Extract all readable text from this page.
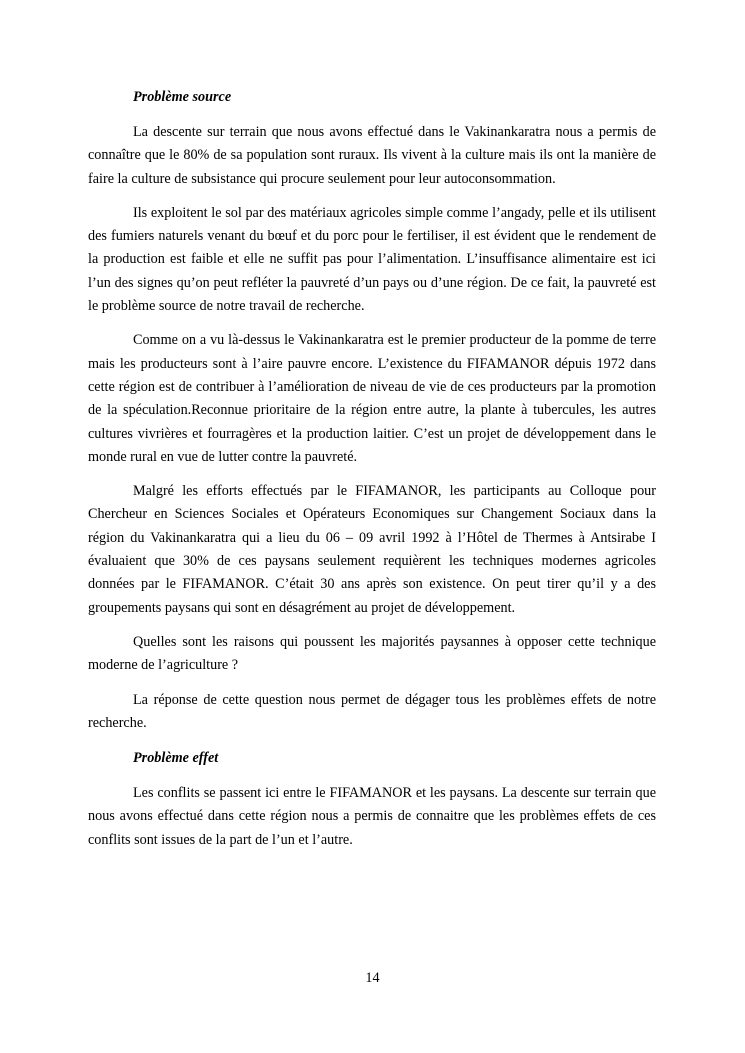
Problème source

La descente sur terrain que nous avons effectué dans le Vakinankaratra nous a permis de connaître que le 80% de sa population sont ruraux. Ils vivent à la culture mais ils ont la manière de faire la culture de subsistance qui procure seulement pour leur autoconsommation.

Ils exploitent le sol par des matériaux agricoles simple comme l’angady, pelle et ils utilisent des fumiers naturels venant du bœuf et du porc pour le fertiliser, il est évident que le rendement de la production est faible et elle ne suffit pas pour l’alimentation. L’insuffisance alimentaire est ici l’un des signes qu’on peut refléter la pauvreté d’un pays ou d’une région. De ce fait, la pauvreté est le problème source de notre travail de recherche.

Comme on a vu là-dessus le Vakinankaratra est le premier producteur de la pomme de terre mais les producteurs sont à l’aire pauvre encore. L’existence du FIFAMANOR dépuis 1972 dans cette région est de contribuer à l’amélioration de niveau de vie de ces producteurs par la promotion de la spéculation.Reconnue prioritaire de la région entre autre, la plante à tubercules, les autres cultures vivrières et fourragères et la production laitier. C’est un projet de développement dans le monde rural en vue de lutter contre la pauvreté.

Malgré les efforts effectués par le FIFAMANOR, les participants au Colloque pour Chercheur en Sciences Sociales et Opérateurs Economiques sur Changement Sociaux dans la région du Vakinankaratra qui a lieu du 06 – 09 avril 1992 à l’Hôtel de Thermes à Antsirabe I évaluaient que 30% de ces paysans seulement requièrent les techniques modernes agricoles données par le FIFAMANOR. C’était 30 ans après son existence. On peut tirer qu’il y a des groupements paysans qui sont en désagrément au projet de développement.

Quelles sont les raisons qui poussent les majorités paysannes à opposer cette technique moderne de l’agriculture ?

La réponse de cette question nous permet de dégager tous les problèmes effets de notre recherche.

Problème effet

Les conflits se passent ici entre le FIFAMANOR et les paysans. La descente sur terrain que nous avons effectué dans cette région nous a permis de connaitre que les problèmes effets de ces conflits sont issues de la part de l’un et l’autre.

14
